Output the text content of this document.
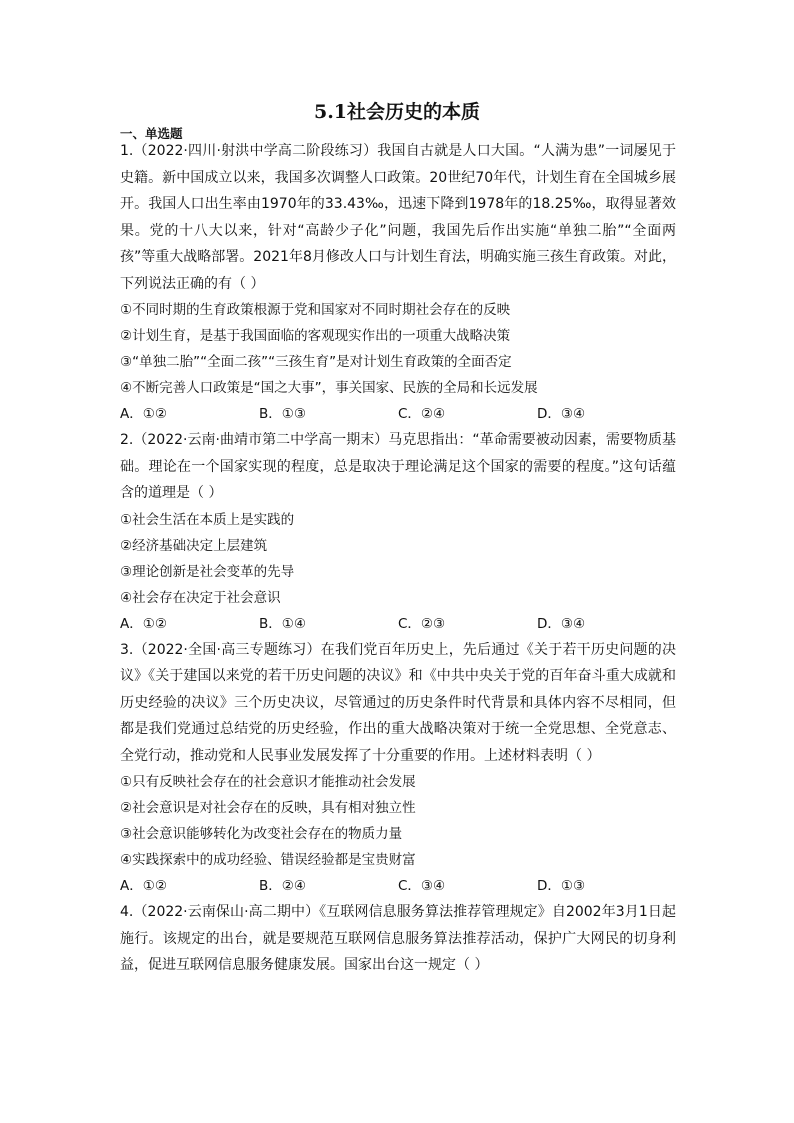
5.1社会历史的本质
一、单选题

1.（2022·四川·射洪中学高二阶段练习）我国自古就是人口大国。“人满为患”一词屡见于史籍。新中国成立以来，我国多次调整人口政策。20世纪70年代，计划生育在全国城乡展开。我国人口出生率由1970年的33.43‰，迅速下降到1978年的18.25‰，取得显著效果。党的十八大以来，针对“高龄少子化”问题，我国先后作出实施“单独二胎”“全面两孩”等重大战略部署。2021年8月修改人口与计划生育法，明确实施三孩生育政策。对此，下列说法正确的有（ ）

①不同时期的生育政策根源于党和国家对不同时期社会存在的反映

②计划生育，是基于我国面临的客观现实作出的一项重大战略决策

③“单独二胎”“全面二孩”“三孩生育”是对计划生育政策的全面否定

④不断完善人口政策是“国之大事”，事关国家、民族的全局和长远发展

A．①②	B．①③	C．②④	D．③④

2.（2022·云南·曲靖市第二中学高一期末）马克思指出：“革命需要被动因素，需要物质基础。理论在一个国家实现的程度，总是取决于理论满足这个国家的需要的程度。”这句话蕴含的道理是（ ）

①社会生活在本质上是实践的

②经济基础决定上层建筑

③理论创新是社会变革的先导

④社会存在决定于社会意识

A．①②	B．①④	C．②③	D．③④

3.（2022·全国·高三专题练习）在我们党百年历史上，先后通过《关于若干历史问题的决议》《关于建国以来党的若干历史问题的决议》和《中共中央关于党的百年奋斗重大成就和历史经验的决议》三个历史决议，尽管通过的历史条件时代背景和具体内容不尽相同，但都是我们党通过总结党的历史经验，作出的重大战略决策对于统一全党思想、全党意志、全党行动，推动党和人民事业发展发挥了十分重要的作用。上述材料表明（ ）

①只有反映社会存在的社会意识才能推动社会发展

②社会意识是对社会存在的反映，具有相对独立性

③社会意识能够转化为改变社会存在的物质力量

④实践探索中的成功经验、错误经验都是宝贵财富

A．①②	B．②④	C．③④	D．①③

4.（2022·云南保山·高二期中）《互联网信息服务算法推荐管理规定》自2002年3月1日起施行。该规定的出台，就是要规范互联网信息服务算法推荐活动，保护广大网民的切身利益，促进互联网信息服务健康发展。国家出台这一规定（ ）
